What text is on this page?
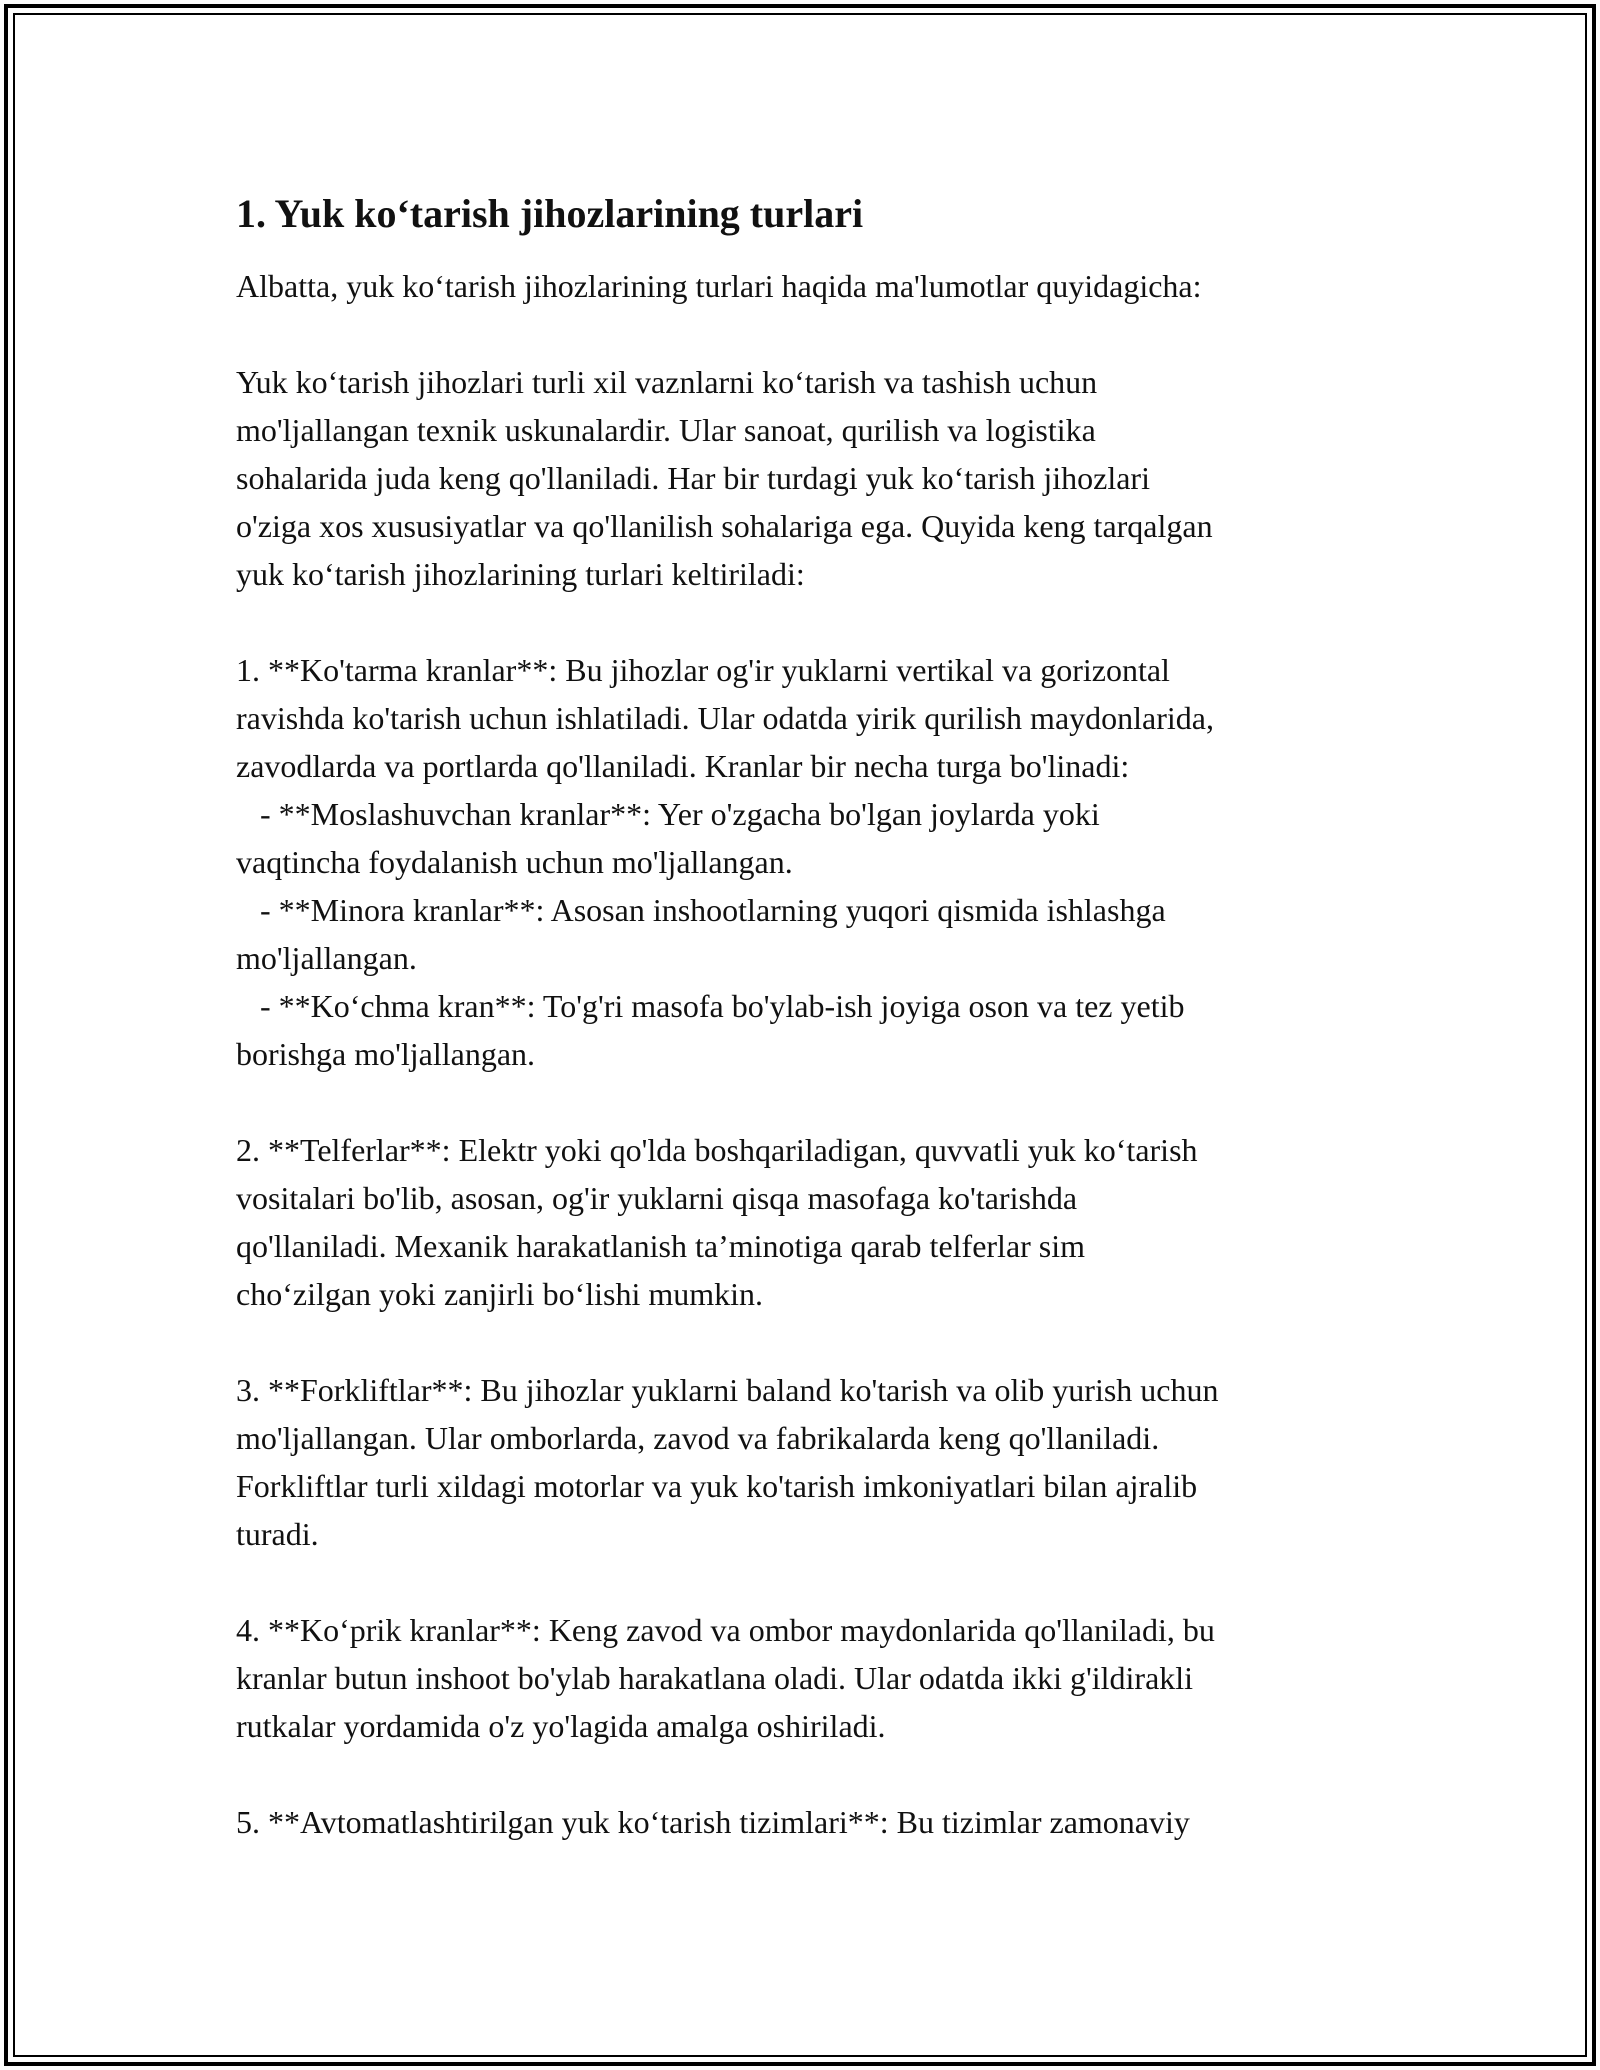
1. Yuk koʻtarish jihozlarining turlari

Albatta, yuk koʻtarish jihozlarining turlari haqida ma'lumotlar quyidagicha:

Yuk koʻtarish jihozlari turli xil vaznlarni koʻtarish va tashish uchun
mo'ljallangan texnik uskunalardir. Ular sanoat, qurilish va logistika
sohalarida juda keng qo'llaniladi. Har bir turdagi yuk koʻtarish jihozlari
o'ziga xos xususiyatlar va qo'llanilish sohalariga ega. Quyida keng tarqalgan
yuk koʻtarish jihozlarining turlari keltiriladi:

1. **Ko'tarma kranlar**: Bu jihozlar og'ir yuklarni vertikal va gorizontal
ravishda ko'tarish uchun ishlatiladi. Ular odatda yirik qurilish maydonlarida,
zavodlarda va portlarda qo'llaniladi. Kranlar bir necha turga bo'linadi:
- **Moslashuvchan kranlar**: Yer o'zgacha bo'lgan joylarda yoki
vaqtincha foydalanish uchun mo'ljallangan.
- **Minora kranlar**: Asosan inshootlarning yuqori qismida ishlashga
mo'ljallangan.
- **Koʻchma kran**: To'g'ri masofa bo'ylab-ish joyiga oson va tez yetib
borishga mo'ljallangan.

2. **Telferlar**: Elektr yoki qo'lda boshqariladigan, quvvatli yuk koʻtarish
vositalari bo'lib, asosan, og'ir yuklarni qisqa masofaga ko'tarishda
qo'llaniladi. Mexanik harakatlanish ta’minotiga qarab telferlar sim
choʻzilgan yoki zanjirli boʻlishi mumkin.

3. **Forkliftlar**: Bu jihozlar yuklarni baland ko'tarish va olib yurish uchun
mo'ljallangan. Ular omborlarda, zavod va fabrikalarda keng qo'llaniladi.
Forkliftlar turli xildagi motorlar va yuk ko'tarish imkoniyatlari bilan ajralib
turadi.

4. **Koʻprik kranlar**: Keng zavod va ombor maydonlarida qo'llaniladi, bu
kranlar butun inshoot bo'ylab harakatlana oladi. Ular odatda ikki g'ildirakli
rutkalar yordamida o'z yo'lagida amalga oshiriladi.

5. **Avtomatlashtirilgan yuk koʻtarish tizimlari**: Bu tizimlar zamonaviy
